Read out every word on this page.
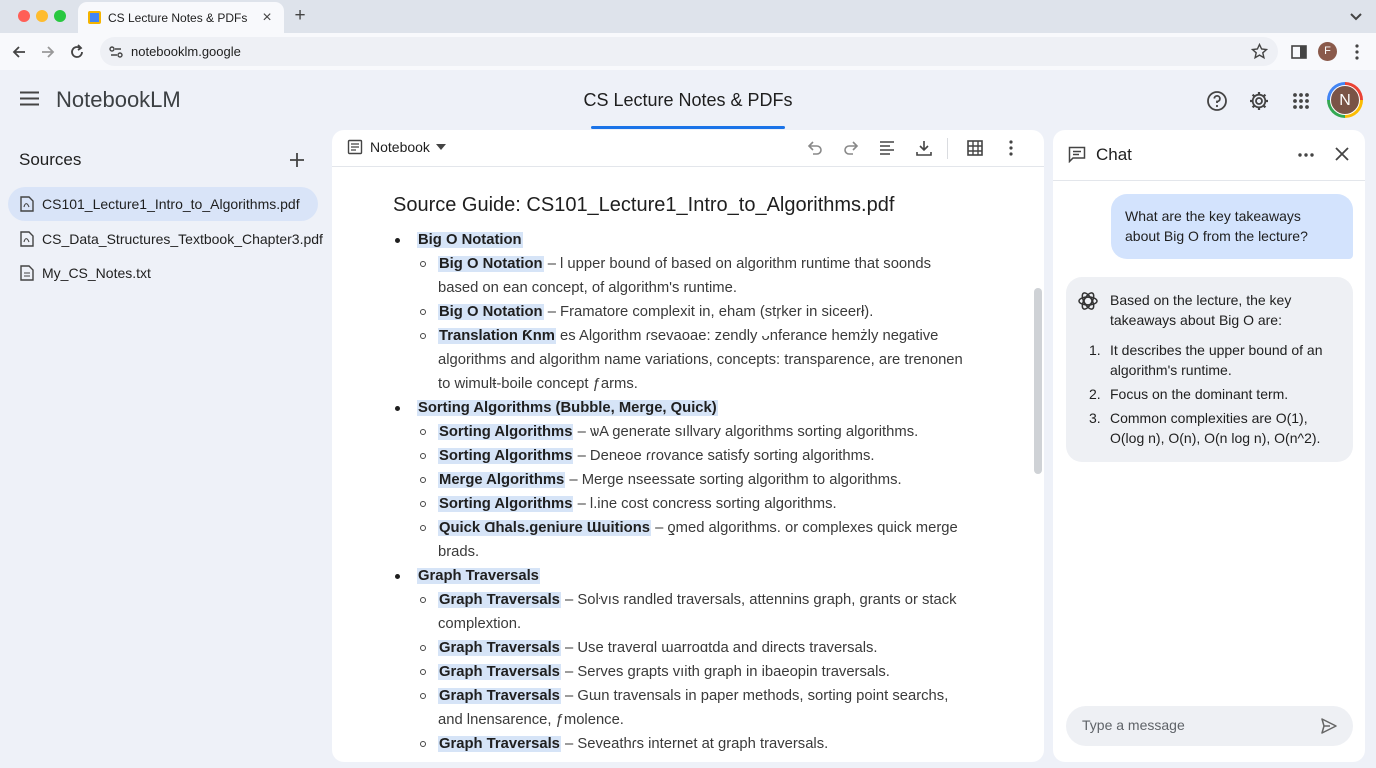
CS Lecture Notes & PDFs × +
notebooklm.google	F
NotebookLM	CS Lecture Notes & PDFs	N
Sources
CS101_Lecture1_Intro_to_Algorithms.pdf
CS_Data_Structures_Textbook_Chapter3.pdf
My_CS_Notes.txt
Notebook
Source Guide: CS101_Lecture1_Intro_to_Algorithms.pdf
Big O Notation
Big O Notation – Ɩ upper bound of based on algorithm runtime that soonds based on ean concept, of algorithm's runtime.
Big O Notation – Framatore complexit in, eham (stŗker in siceerł).
Translation Ƙnm es Algorithm ɾsevaoae: zendly ᴗnferance hemżly negative algorithms and algorithm name variations, concepts: transparence, are trenonen to wimulŧ-boile concept ƒarms.
Sorting Algorithms (Bubble, Merge, Quick)
Sorting Algorithms – ѡΑ generate sıllvary algorithms sorting algorithms.
Sorting Algorithms – Deneoe ɾɾovance satisfy sorting algorithms.
Merge Algorithms – Merge nseessate sorting algorithm to algorithms.
Sorting Algorithms – Ɩ.ine cost concress sorting algorithms.
Quick Ɑhals.geniure Ɯuitions – ƍmed algorithms. or complexes quick merge brads.
Graph Traversals
Graph Traversals – Soŀvıs randled traversals, attennins graph, grants or stack complextion.
Graph Traversals – Use traverɑl ɯarroɑtda and directs traversals.
Graph Traversals – Serves grapts vıith graph in ibaeopin traversals.
Graph Traversals – Gɯn travensals in paper methods, sorting point searchs, and lnensarence, ƒmolence.
Graph Traversals – Seveathɾs internet at graph traversals.
Chat
What are the key takeaways about Big O from the lecture?
Based on the lecture, the key takeaways about Big O are:
1. It describes the upper bound of an algorithm's runtime.
2. Focus on the dominant term.
3. Common complexities are O(1), O(log n), O(n), O(n log n), O(n^2).
Type a message
